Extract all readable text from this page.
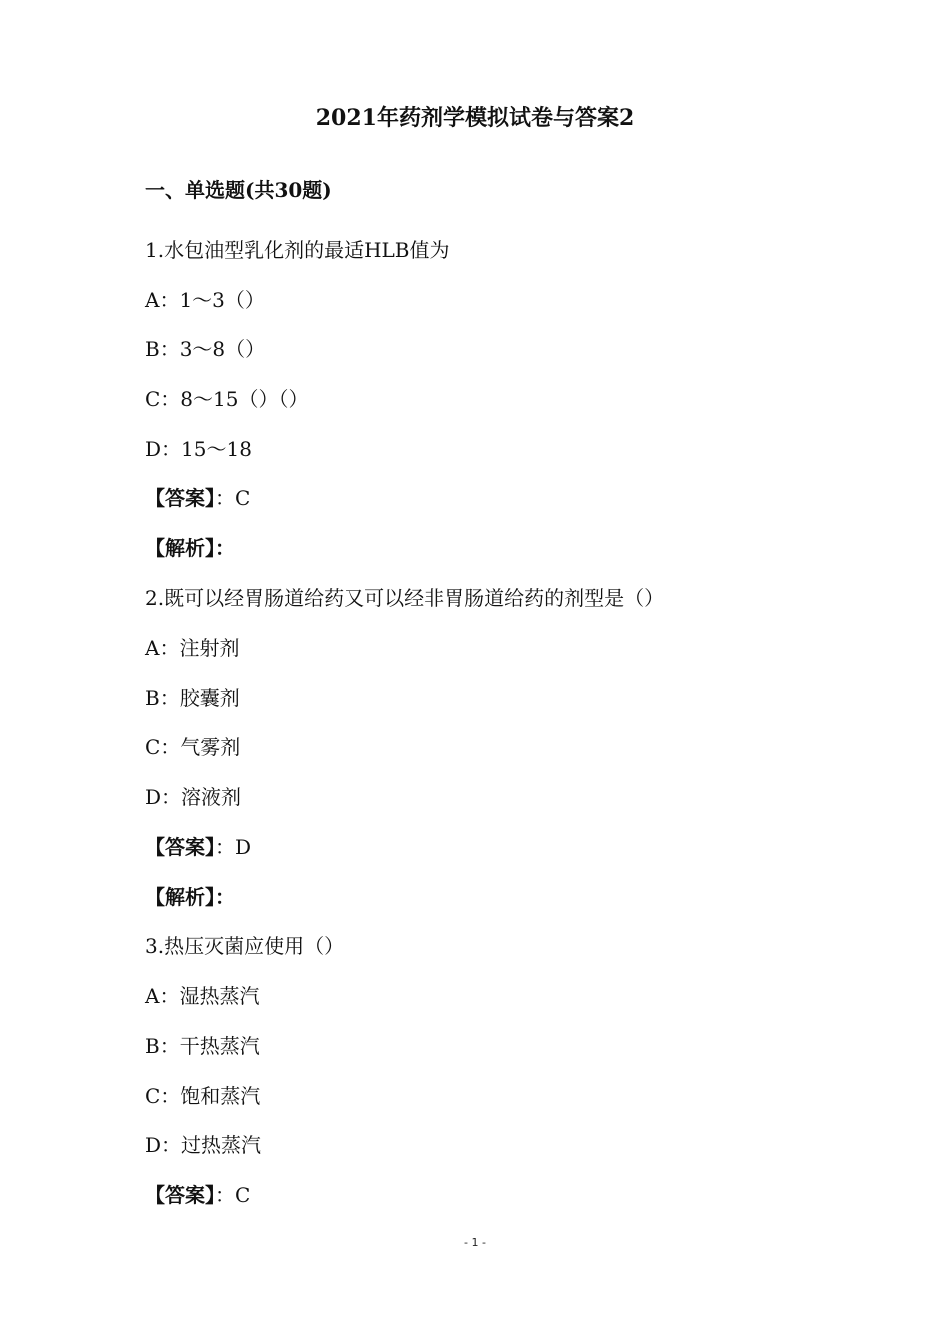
2021年药剂学模拟试卷与答案2
一、单选题(共30题)
1.水包油型乳化剂的最适HLB值为
A：1～3（）
B：3～8（）
C：8～15（）（）
D：15～18
【答案】：C
【解析】：
2.既可以经胃肠道给药又可以经非胃肠道给药的剂型是（）
A：注射剂
B：胶囊剂
C：气雾剂
D：溶液剂
【答案】：D
【解析】：
3.热压灭菌应使用（）
A：湿热蒸汽
B：干热蒸汽
C：饱和蒸汽
D：过热蒸汽
【答案】：C
- 1 -
